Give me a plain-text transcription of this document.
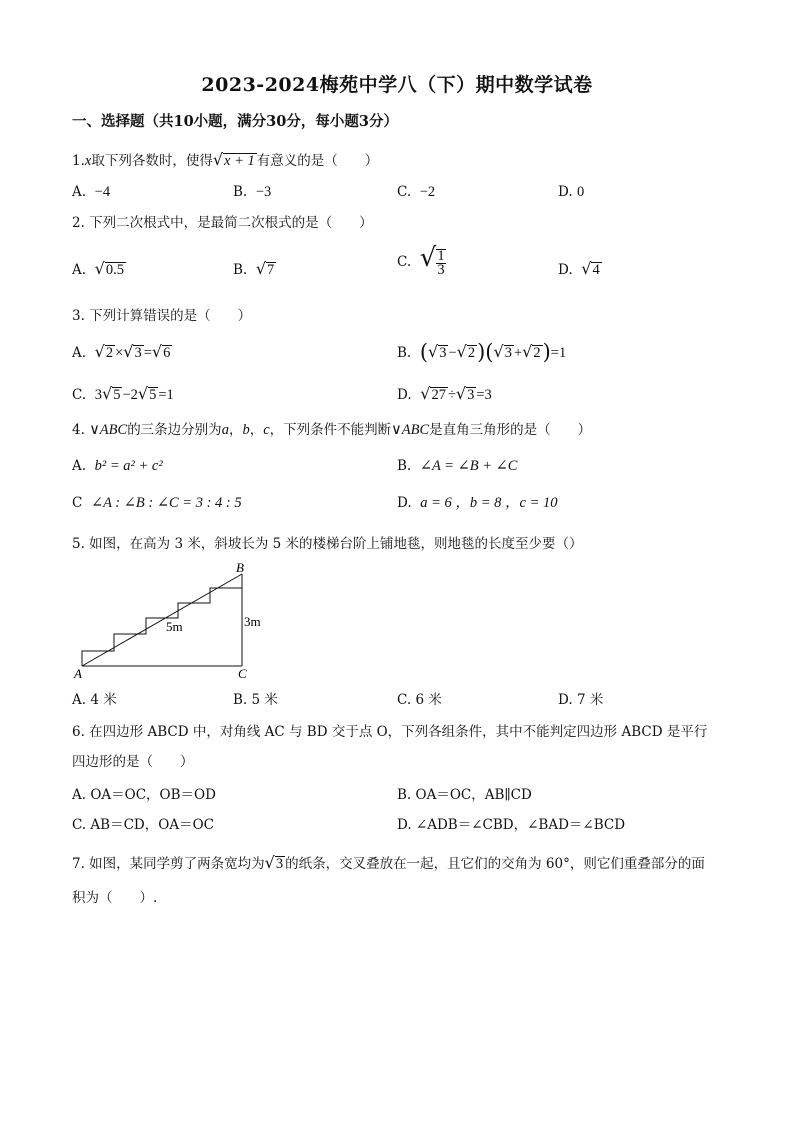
2023-2024梅苑中学八（下）期中数学试卷
一、选择题（共10小题，满分30分，每小题3分）
1.x取下列各数时，使得√x + 1 有意义的是（　　）
A. −4	B. −3	C. −2	D. 0
2. 下列二次根式中，是最简二次根式的是（　　）
A. √0.5	B. √7	C. √ $\frac{1}{3}$	D. √4
3. 下列计算错误的是（　　）
A. √2 ×√3 =√6	B. (√3 −√2)(√3 +√2)=1
C. 3√5 −2√5 =1	D. √27 ÷√3 =3
4. ∨ABC的三条边分别为a，b，c，下列条件不能判断∨ABC是直角三角形的是（　　）
A. b² = a² + c²	B. ∠A = ∠B + ∠C
C ∠A : ∠B : ∠C = 3 : 4 : 5	D. a = 6 ，b = 8 ，c = 10
5. 如图，在高为 3 米，斜坡长为 5 米的楼梯台阶上铺地毯，则地毯的长度至少要（）
A
B
C
5m	3m
A. 4 米	B. 5 米	C. 6 米	D. 7 米
6. 在四边形 ABCD 中，对角线 AC 与 BD 交于点 O，下列各组条件，其中不能判定四边形 ABCD 是平行
四边形的是（　　）
A. OA＝OC，OB＝OD	B. OA＝OC，AB∥CD
C. AB＝CD，OA＝OC	D. ∠ADB＝∠CBD，∠BAD＝∠BCD
7. 如图，某同学剪了两条宽均为√3 的纸条，交叉叠放在一起，且它们的交角为 60°，则它们重叠部分的面
积为（　　）.
